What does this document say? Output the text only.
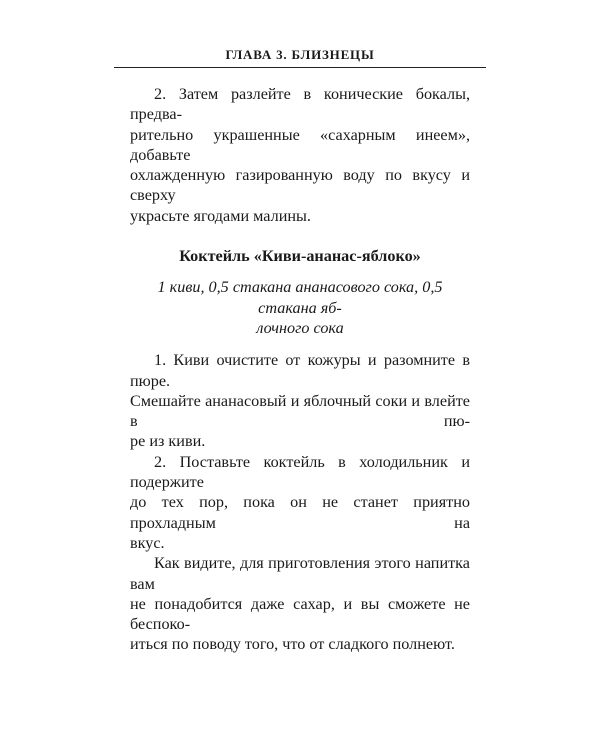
ГЛАВА 3. БЛИЗНЕЦЫ

2. Затем разлейте в конические бокалы, предва-
рительно украшенные «сахарным инеем», добавьте
охлажденную газированную воду по вкусу и сверху
украсьте ягодами малины.

Коктейль «Киви-ананас-яблоко»
1 киви, 0,5 стакана ананасового сока, 0,5 стакана яб-
лочного сока

1. Киви очистите от кожуры и разомните в пюре.
Смешайте ананасовый и яблочный соки и влейте в пю-
ре из киви.

2. Поставьте коктейль в холодильник и подержите
до тех пор, пока он не станет приятно прохладным на
вкус.

Как видите, для приготовления этого напитка вам
не понадобится даже сахар, и вы сможете не беспоко-
иться по поводу того, что от сладкого полнеют.
